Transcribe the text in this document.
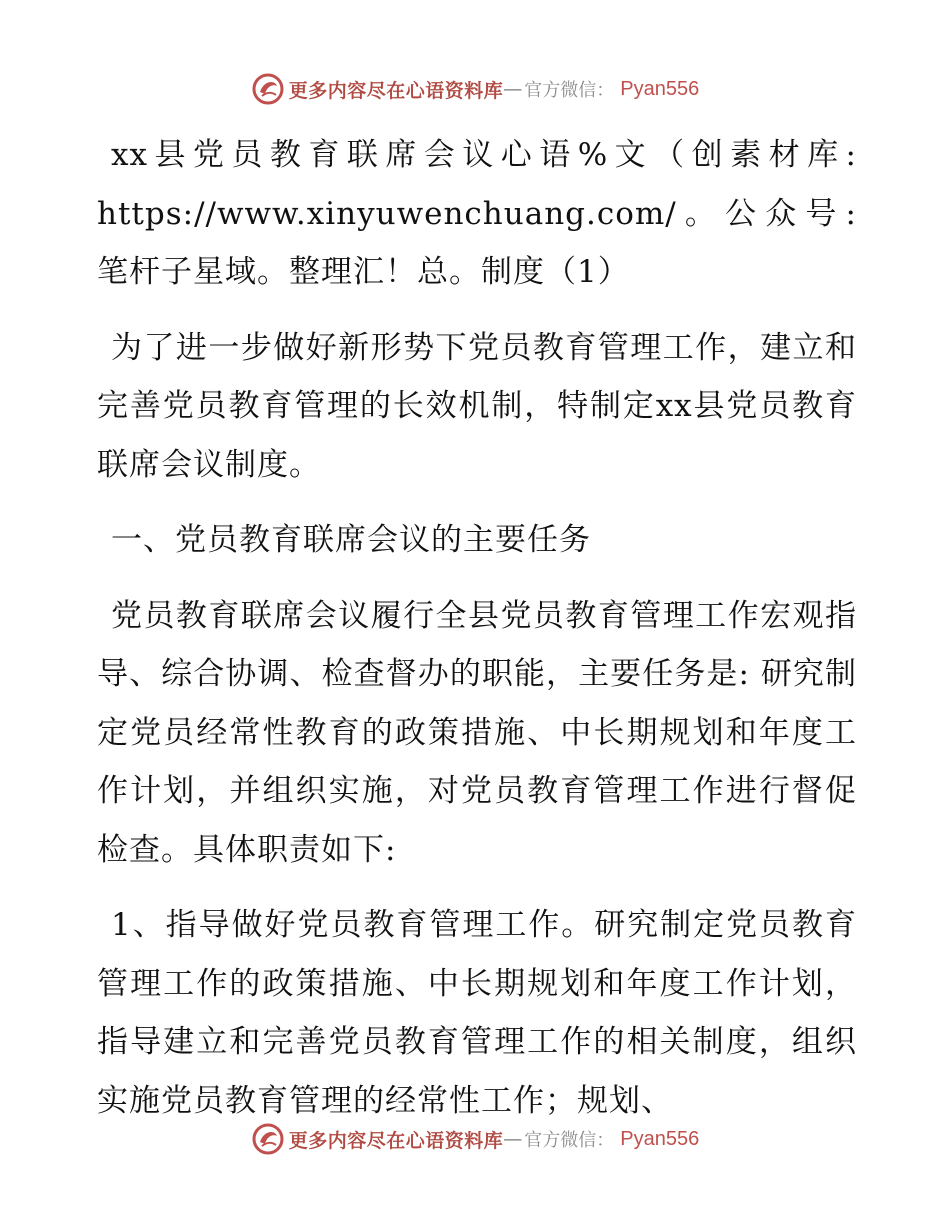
更多内容尽在心语资料库 — 官方微信： Pyan556

xx县党员教育联席会议心语%文（创素材库: https://www.xinyuwenchuang.com/。公众号: 笔杆子星域。整理汇！总。制度（1）

为了进一步做好新形势下党员教育管理工作，建立和完善党员教育管理的长效机制，特制定xx县党员教育联席会议制度。

一、党员教育联席会议的主要任务

党员教育联席会议履行全县党员教育管理工作宏观指导、综合协调、检查督办的职能，主要任务是: 研究制定党员经常性教育的政策措施、中长期规划和年度工作计划，并组织实施，对党员教育管理工作进行督促检查。具体职责如下:

1、指导做好党员教育管理工作。研究制定党员教育管理工作的政策措施、中长期规划和年度工作计划，指导建立和完善党员教育管理工作的相关制度，组织实施党员教育管理的经常性工作；规划、

更多内容尽在心语资料库 — 官方微信： Pyan556
